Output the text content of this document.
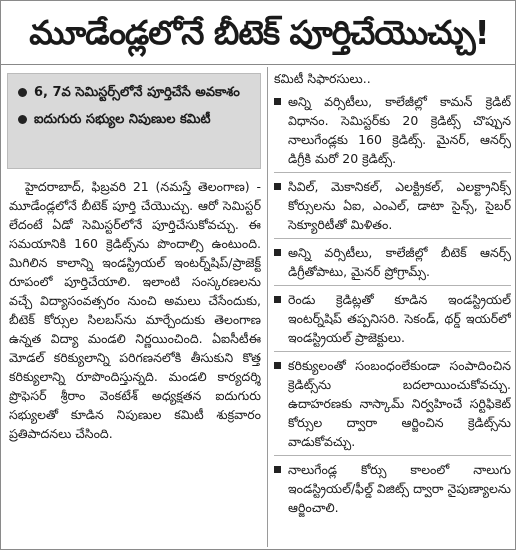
మూడేండ్లలోనే బీటెక్ పూర్తిచేయొచ్చు!
6, 7వ సెమిస్టర్స్‌లోనే పూర్తిచేసే అవకాశం
ఐదుగురు సభ్యుల నిపుణుల కమిటీ

హైదరాబాద్, ఫిబ్రవరి 21 (నమస్తే తెలంగాణ) - మూడేండ్లలోనే బీటెక్ పూర్తి చేయొచ్చు. ఆరో సెమిస్టర్ లేదంటే ఏడో సెమిస్టర్‌లోనే పూర్తిచేసుకోవచ్చు. ఈ సమయానికి 160 క్రెడిట్స్‌ను పొందాల్సి ఉంటుంది. మిగిలిన కాలాన్ని ఇండస్ట్రియల్ ఇంటర్న్‌షిప్/ప్రాజెక్ట్ రూపంలో పూర్తిచేయాలి. ఇలాంటి సంస్కరణలను వచ్చే విద్యాసంవత్సరం నుంచి అమలు చేసేందుకు, బీటెక్ కోర్సుల సిలబస్‌ను మార్చేందుకు తెలంగాణ ఉన్నత విద్యా మండలి నిర్ణయించింది. ఏఐసీటీఈ మోడల్ కరిక్యులాన్ని పరిగణనలోకి తీసుకుని కొత్త కరిక్యులాన్ని రూపొందిస్తున్నది. మండలి కార్యదర్శి ప్రొఫెసర్ శ్రీరాం వెంకటేశ్ అధ్యక్షతన ఐదుగురు సభ్యులతో కూడిన నిపుణుల కమిటీ శుక్రవారం ప్రతిపాదనలు చేసింది.

కమిటీ సిఫారసులు..
అన్ని వర్సిటీలు, కాలేజీల్లో కామన్ క్రెడిట్ విధానం. సెమిస్టర్‌కు 20 క్రెడిట్స్ చొప్పున నాలుగేండ్లకు 160 క్రెడిట్స్. మైనర్, ఆనర్స్ డిగ్రీకి మరో 20 క్రెడిట్స్.
సివిల్, మెకానికల్, ఎలక్ట్రికల్, ఎలక్ట్రానిక్స్ కోర్సులను ఏఐ, ఎంఎల్, డాటా సైన్స్, సైబర్ సెక్యూరిటీతో మిళితం.
అన్ని వర్సిటీలు, కాలేజీల్లో బీటెక్ ఆనర్స్ డిగ్రీతోపాటు, మైనర్ ప్రోగ్రామ్స్.
రెండు క్రెడిట్లతో కూడిన ఇండస్ట్రియల్ ఇంటర్న్‌షిప్ తప్పనిసరి. సెకండ్, థర్డ్ ఇయర్‌లో ఇండస్ట్రియల్ ప్రాజెక్టులు.
కరిక్యులంతో సంబంధంలేకుండా సంపాదించిన క్రెడిట్స్‌ను బదలాయించుకోవచ్చు. ఉదాహరణకు నాస్కామ్ నిర్వహించే సర్టిఫికెట్ కోర్సుల ద్వారా ఆర్జించిన క్రెడిట్స్‌ను వాడుకోవచ్చు.
నాలుగేండ్ల కోర్సు కాలంలో నాలుగు ఇండస్ట్రియల్/ఫీల్డ్ విజిట్స్ ద్వారా నైపుణ్యాలను ఆర్జించాలి.
